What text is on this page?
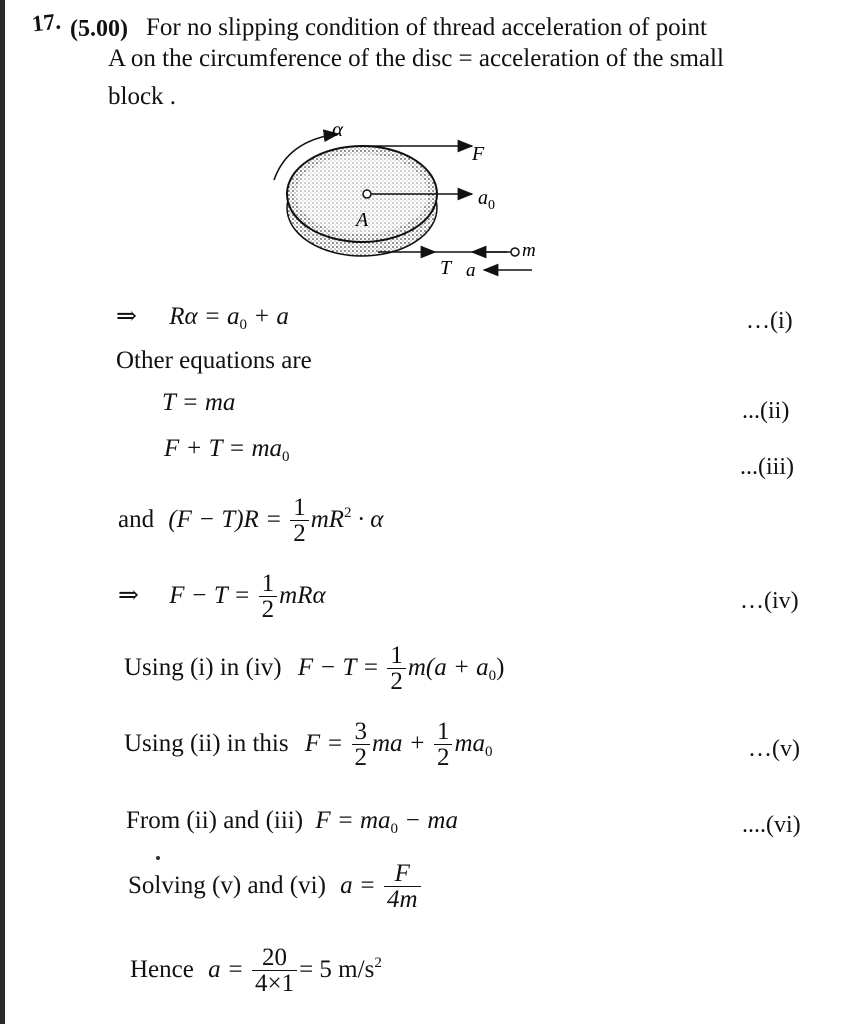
17. (5.00) For no slipping condition of thread acceleration of point
A on the circumference of the disc = acceleration of the small
block .
α
F
$a_0$
A
m
T a
⇒ $R\alpha = a_0 + a$	…(i)
Other equations are
T = ma	...(ii)
$F + T = ma_0$	...(iii)
and $(F - T)R = \frac{1}{2} mR^2 \cdot \alpha$
⇒ $F - T = \frac{1}{2}$ mRα	…(iv)
Using (i) in (iv) $F - T = \frac{1}{2} m(a + a_0)$
Using (ii) in this $F = \frac{3}{2}$ ma + $\frac{1}{2} ma_0$	…(v)
From (ii) and (iii) $F = ma_0$ − ma	....(vi)
Solving (v) and (vi) $a = \frac{F}{4m}$
Hence $a = \frac{20}{4\times 1} = 5$ $m/s^2$
